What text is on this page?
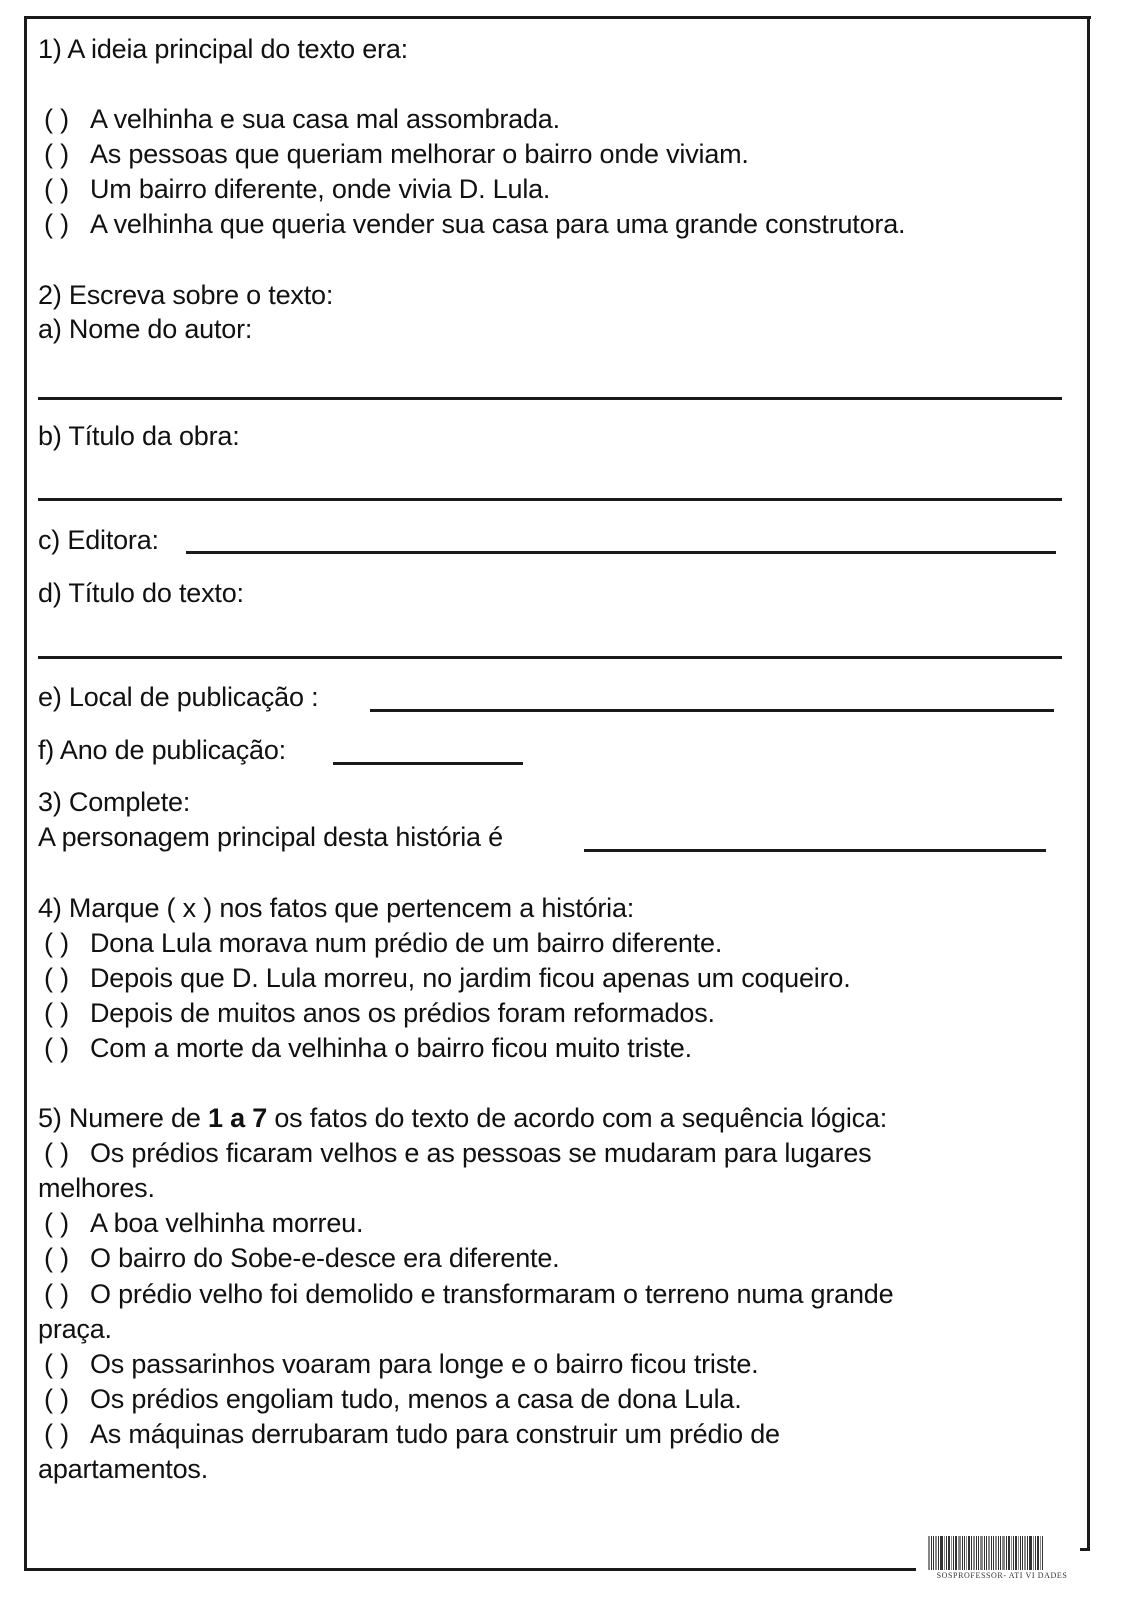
1) A ideia principal do texto era:
( ) A velhinha e sua casa mal assombrada.
( ) As pessoas que queriam melhorar o bairro onde viviam.
( ) Um bairro diferente, onde vivia D. Lula.
( ) A velhinha que queria vender sua casa para uma grande construtora.
2) Escreva sobre o texto:
a) Nome do autor:
b) Título da obra:
c) Editora:
d) Título do texto:
e) Local de publicação :
f) Ano de publicação:
3) Complete:
A personagem principal desta história é
4) Marque ( x ) nos fatos que pertencem a história:
( ) Dona Lula morava num prédio de um bairro diferente.
( ) Depois que D. Lula morreu, no jardim ficou apenas um coqueiro.
( ) Depois de muitos anos os prédios foram reformados.
( ) Com a morte da velhinha o bairro ficou muito triste.
5) Numere de 1 a 7 os fatos do texto de acordo com a sequência lógica:
( ) Os prédios ficaram velhos e as pessoas se mudaram para lugares
melhores.
( ) A boa velhinha morreu.
( ) O bairro do Sobe-e-desce era diferente.
( ) O prédio velho foi demolido e transformaram o terreno numa grande
praça.
( ) Os passarinhos voaram para longe e o bairro ficou triste.
( ) Os prédios engoliam tudo, menos a casa de dona Lula.
( ) As máquinas derrubaram tudo para construir um prédio de
apartamentos.
SOSPROFESSOR- ATI VI DADES
